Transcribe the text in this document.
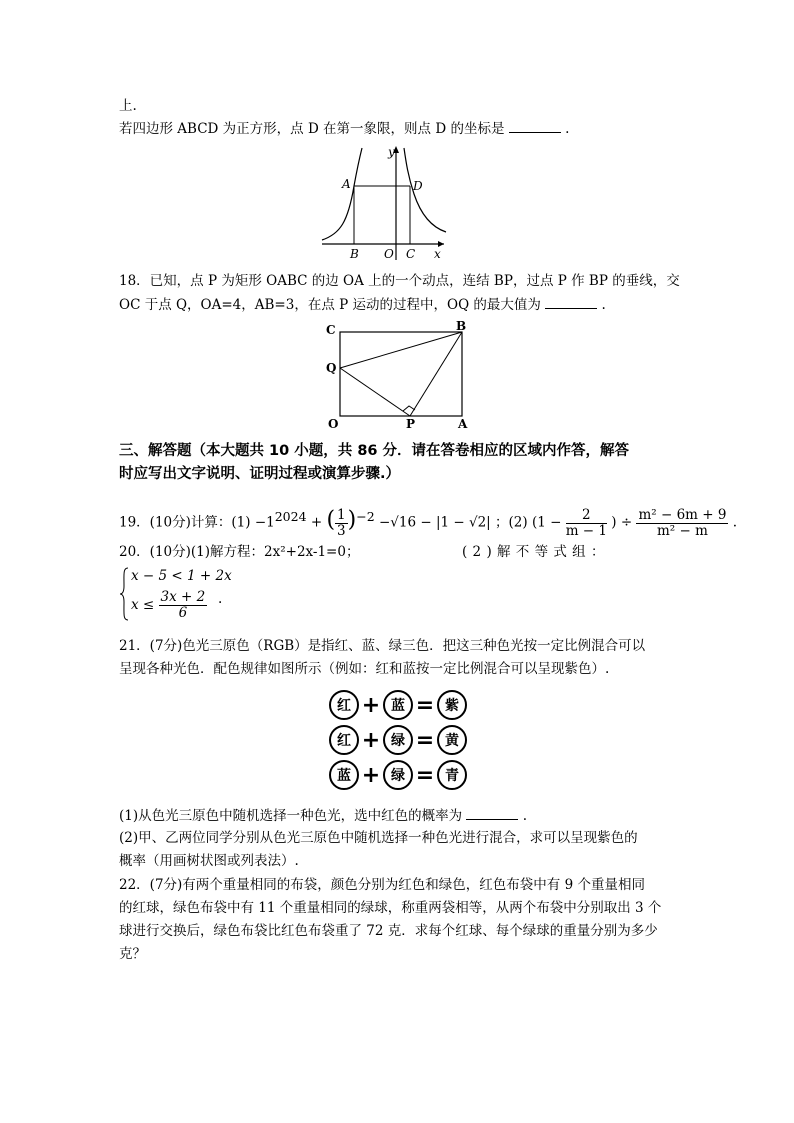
上.
若四边形 ABCD 为正方形，点 D 在第一象限，则点 D 的坐标是	.
y
x
A	D
B O C
18．已知，点 P 为矩形 OABC 的边 OA 上的一个动点，连结 BP，过点 P 作 BP 的垂线，交
OC 于点 Q，OA=4，AB=3，在点 P 运动的过程中，OQ 的最大值为	.
C	B
Q
O	P	A
三、解答题（本大题共 10 小题，共 86 分．请在答卷相应的区域内作答，解答
时应写出文字说明、证明过程或演算步骤.）
19．(10分)计算：$(1) -1^{2024}$ + ( $\frac{1}{3} )^{-2} -√16 - |1 - √2|$ ；(2) ($1 - \frac{2}{m - 1}$ ) ÷ $\frac{\text{m² − 6m + 9}}{\text{m² − m}}$ .
20．(10分)(1)解方程：2x²+2x-1=0；	( 2 ) 解 不 等 式 组 ：
x − 5 < 1 + 2x
$x \le \frac{3x + 2}{6}$ .
21．(7分)色光三原色（RGB）是指红、蓝、绿三色．把这三种色光按一定比例混合可以
呈现各种光色．配色规律如图所示（例如：红和蓝按一定比例混合可以呈现紫色）.
红 + 蓝 = 紫
红 + 绿 = 黄
蓝 + 绿 = 青
(1)从色光三原色中随机选择一种色光，选中红色的概率为	.
(2)甲、乙两位同学分别从色光三原色中随机选择一种色光进行混合，求可以呈现紫色的
概率（用画树状图或列表法）.
22．(7分)有两个重量相同的布袋，颜色分别为红色和绿色，红色布袋中有 9 个重量相同
的红球，绿色布袋中有 11 个重量相同的绿球，称重两袋相等，从两个布袋中分别取出 3 个
球进行交换后，绿色布袋比红色布袋重了 72 克．求每个红球、每个绿球的重量分别为多少
克？
